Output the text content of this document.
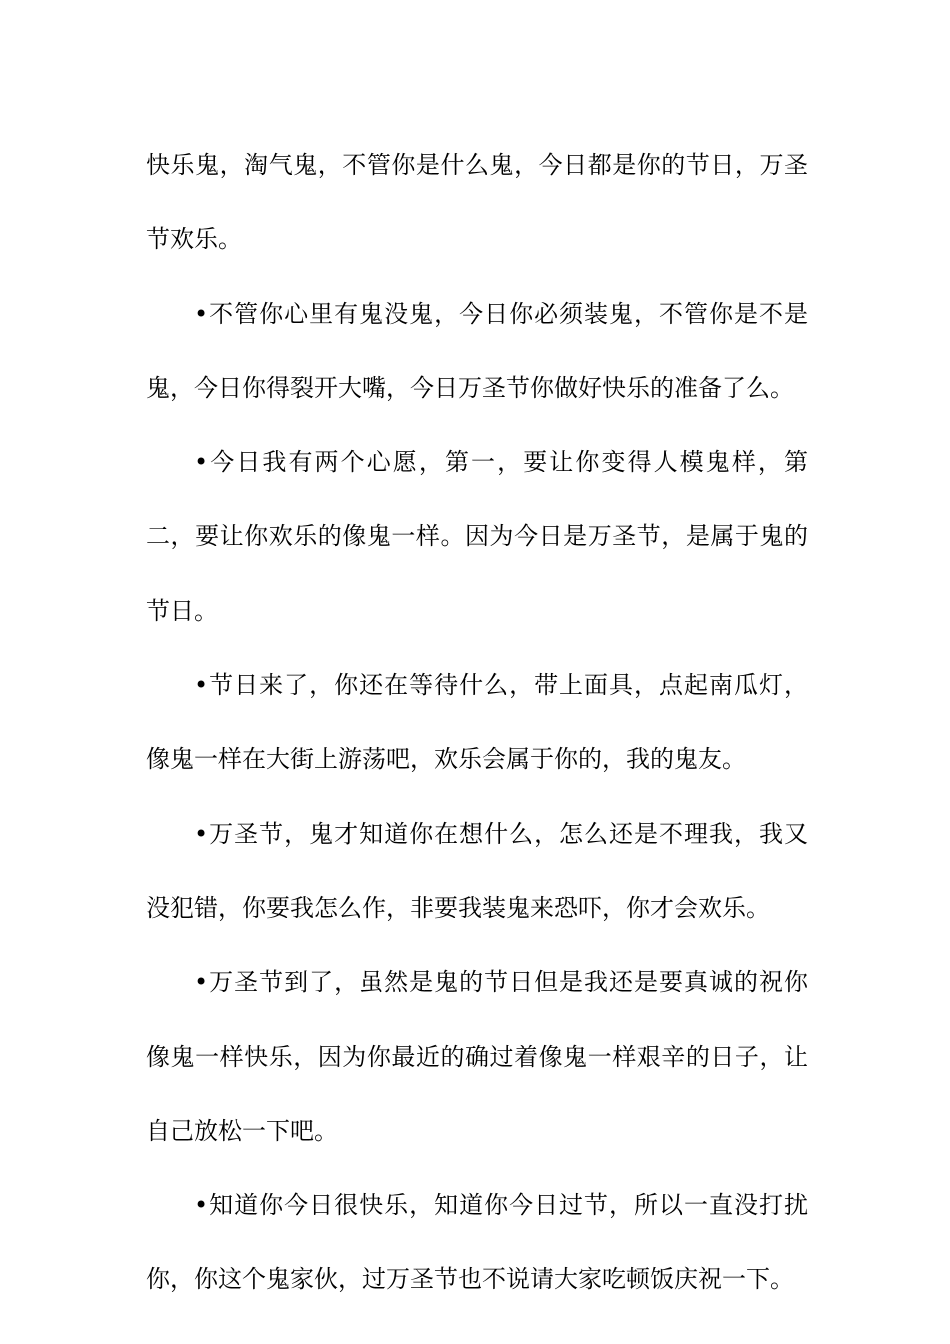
快乐鬼，淘气鬼，不管你是什么鬼，今日都是你的节日，万圣节欢乐。

•不管你心里有鬼没鬼，今日你必须装鬼，不管你是不是鬼，今日你得裂开大嘴，今日万圣节你做好快乐的准备了么。

•今日我有两个心愿，第一，要让你变得人模鬼样，第二，要让你欢乐的像鬼一样。因为今日是万圣节，是属于鬼的节日。

•节日来了，你还在等待什么，带上面具，点起南瓜灯，像鬼一样在大街上游荡吧，欢乐会属于你的，我的鬼友。

•万圣节，鬼才知道你在想什么，怎么还是不理我，我又没犯错，你要我怎么作，非要我装鬼来恐吓，你才会欢乐。

•万圣节到了，虽然是鬼的节日但是我还是要真诚的祝你像鬼一样快乐，因为你最近的确过着像鬼一样艰辛的日子，让自己放松一下吧。

•知道你今日很快乐，知道你今日过节，所以一直没打扰你，你这个鬼家伙，过万圣节也不说请大家吃顿饭庆祝一下。
